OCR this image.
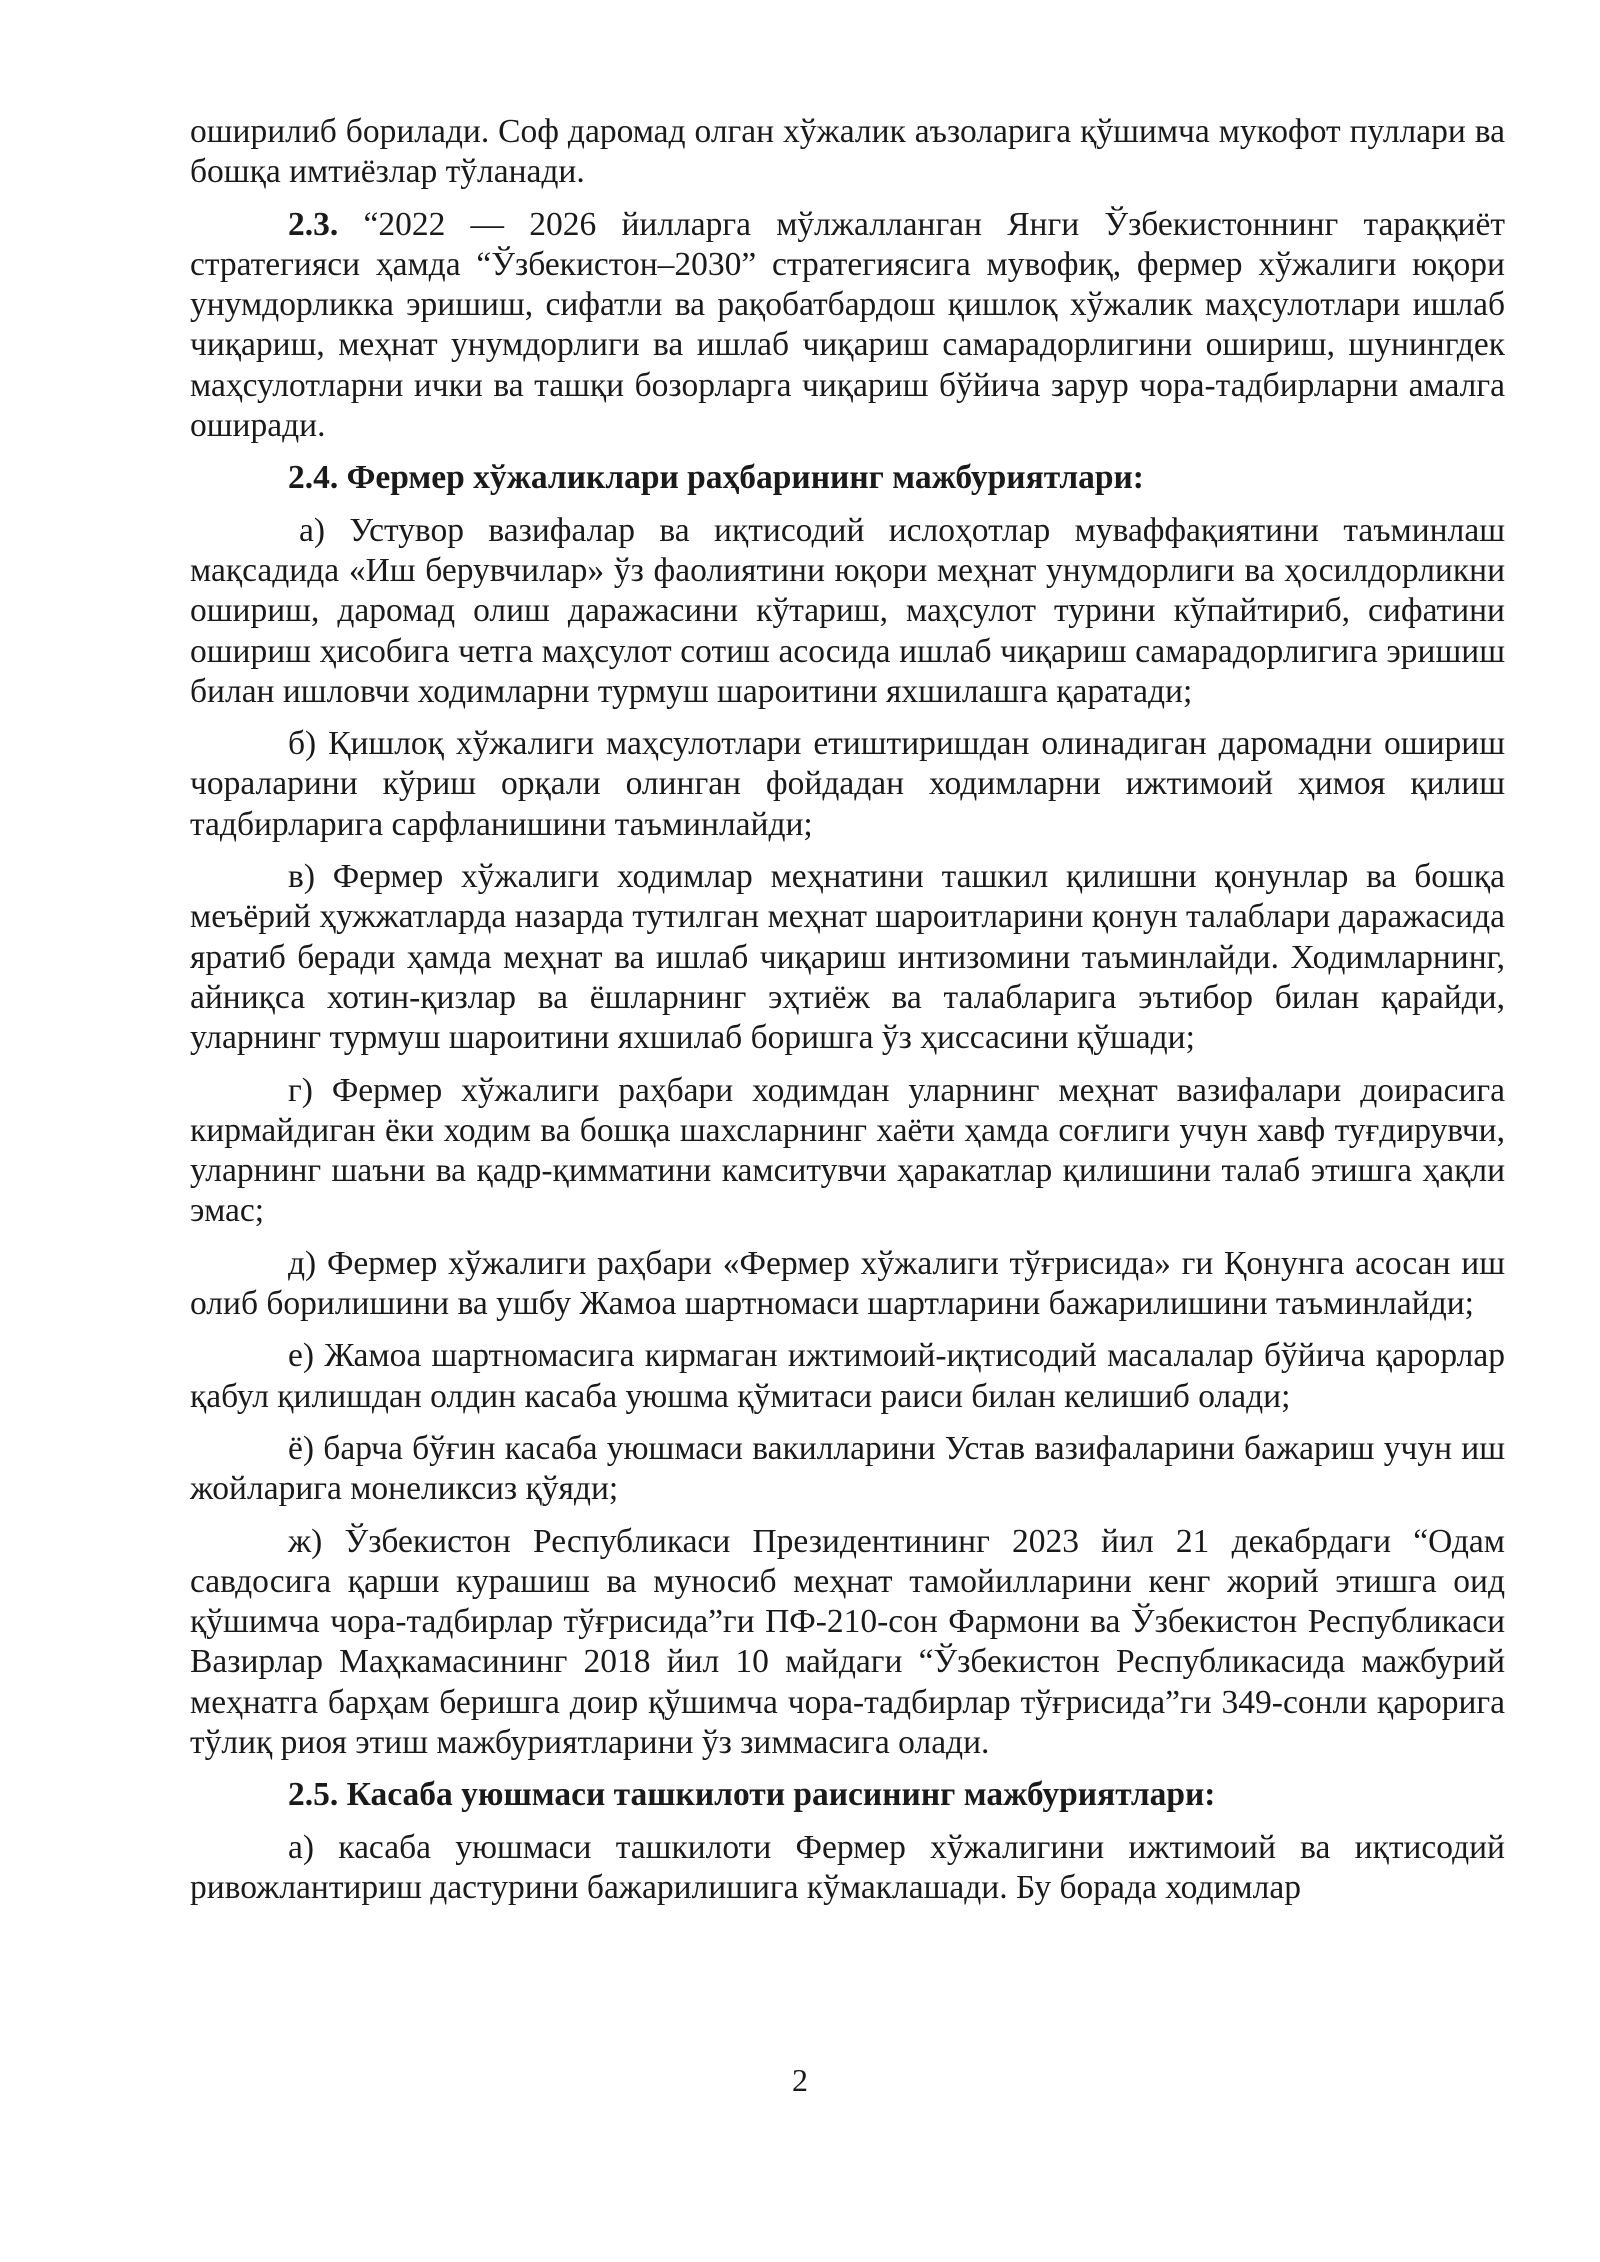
оширилиб борилади. Соф даромад олган хўжалик аъзоларига қўшимча мукофот пуллари ва бошқа имтиёзлар тўланади.

2.3. “2022 — 2026 йилларга мўлжалланган Янги Ўзбекистоннинг тараққиёт стратегияси ҳамда “Ўзбекистон–2030” стратегиясига мувофиқ, фермер хўжалиги юқори унумдорликка эришиш, сифатли ва рақобатбардош қишлоқ хўжалик маҳсулотлари ишлаб чиқариш, меҳнат унумдорлиги ва ишлаб чиқариш самарадорлигини ошириш, шунингдек маҳсулотларни ички ва ташқи бозорларга чиқариш бўйича зарур чора-тадбирларни амалга оширади.

2.4. Фермер хўжаликлари раҳбарининг мажбуриятлари:

а) Устувор вазифалар ва иқтисодий ислоҳотлар муваффақиятини таъминлаш мақсадида «Иш берувчилар» ўз фаолиятини юқори меҳнат унумдорлиги ва ҳосилдорликни ошириш, даромад олиш даражасини кўтариш, маҳсулот турини кўпайтириб, сифатини ошириш ҳисобига четга маҳсулот сотиш асосида ишлаб чиқариш самарадорлигига эришиш билан ишловчи ходимларни турмуш шароитини яхшилашга қаратади;

б) Қишлоқ хўжалиги маҳсулотлари етиштиришдан олинадиган даромадни ошириш чораларини кўриш орқали олинган фойдадан ходимларни ижтимоий ҳимоя қилиш тадбирларига сарфланишини таъминлайди;

в) Фермер хўжалиги ходимлар меҳнатини ташкил қилишни қонунлар ва бошқа меъёрий ҳужжатларда назарда тутилган меҳнат шароитларини қонун талаблари даражасида яратиб беради ҳамда меҳнат ва ишлаб чиқариш интизомини таъминлайди. Ходимларнинг, айниқса хотин-қизлар ва ёшларнинг эҳтиёж ва талабларига эътибор билан қарайди, уларнинг турмуш шароитини яхшилаб боришга ўз ҳиссасини қўшади;

г) Фермер хўжалиги раҳбари ходимдан уларнинг меҳнат вазифалари доирасига кирмайдиган ёки ходим ва бошқа шахсларнинг хаёти ҳамда соғлиги учун хавф туғдирувчи, уларнинг шаъни ва қадр-қимматини камситувчи ҳаракатлар қилишини талаб этишга ҳақли эмас;

д) Фермер хўжалиги раҳбари «Фермер хўжалиги тўғрисида» ги Қонунга асосан иш олиб борилишини ва ушбу Жамоа шартномаси шартларини бажарилишини таъминлайди;

е) Жамоа шартномасига кирмаган ижтимоий-иқтисодий масалалар бўйича қарорлар қабул қилишдан олдин касаба уюшма қўмитаси раиси билан келишиб олади;

ё) барча бўғин касаба уюшмаси вакилларини Устав вазифаларини бажариш учун иш жойларига монеликсиз қўяди;

ж) Ўзбекистон Республикаси Президентининг 2023 йил 21 декабрдаги “Одам савдосига қарши курашиш ва муносиб меҳнат тамойилларини кенг жорий этишга оид қўшимча чора-тадбирлар тўғрисида”ги ПФ-210-сон Фармони ва Ўзбекистон Республикаси Вазирлар Маҳкамасининг 2018 йил 10 майдаги “Ўзбекистон Республикасида мажбурий меҳнатга барҳам беришга доир қўшимча чора-тадбирлар тўғрисида”ги 349-сонли қарорига тўлиқ риоя этиш мажбуриятларини ўз зиммасига олади.

2.5. Касаба уюшмаси ташкилоти раисининг мажбуриятлари:

а) касаба уюшмаси ташкилоти Фермер хўжалигини ижтимоий ва иқтисодий ривожлантириш дастурини бажарилишига кўмаклашади. Бу борада ходимлар

2
